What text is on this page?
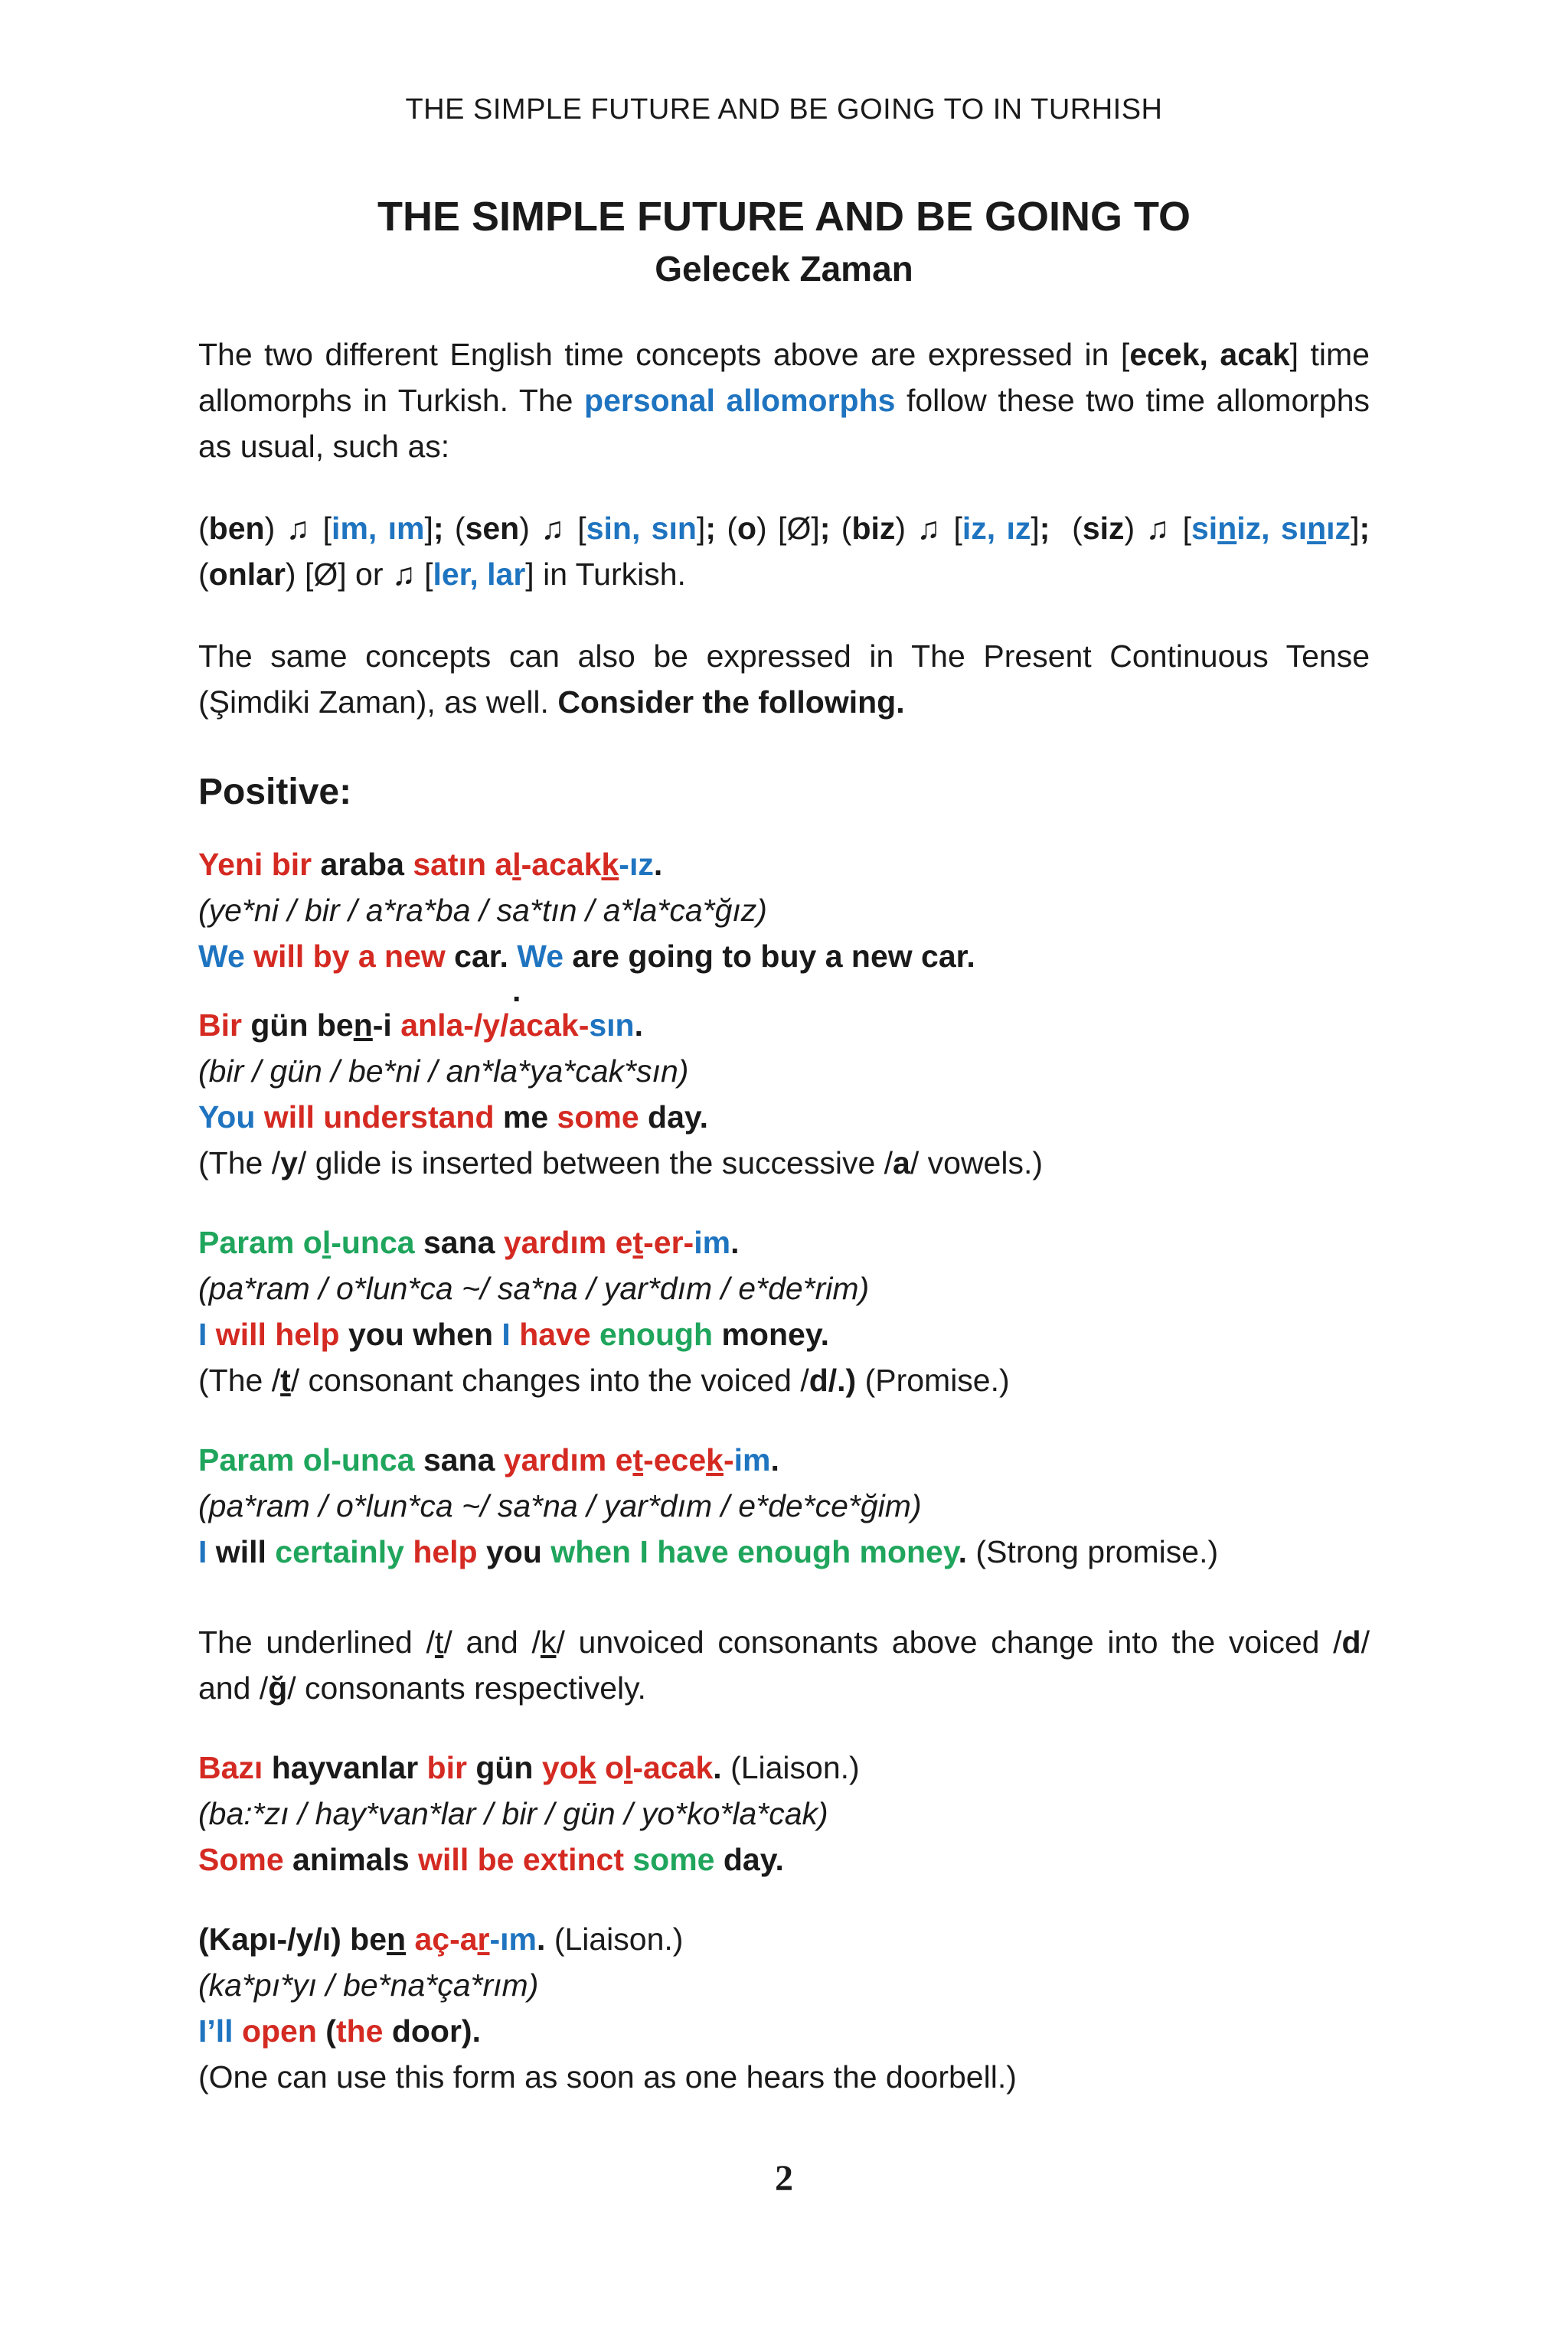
THE SIMPLE FUTURE AND BE GOING TO IN TURHISH
THE SIMPLE FUTURE AND BE GOING TO
Gelecek Zaman

The two different English time concepts above are expressed in [ecek, acak] time allomorphs in Turkish. The personal allomorphs follow these two time allomorphs as usual, such as:

(ben) ♫ [im, ım]; (sen) ♫ [sin, sın]; (o) [Ø]; (biz) ♫ [iz, ız];  (siz) ♫ [siniz, sınız]; (onlar) [Ø] or ♫ [ler, lar] in Turkish.

The same concepts can also be expressed in The Present Continuous Tense (Şimdiki Zaman), as well. Consider the following.

Positive:

Yeni bir araba satın al-acakk-ız.

(ye*ni / bir / a*ra*ba / sa*tın / a*la*ca*ğız)

We will by a new car. We are going to buy a new car.

.

Bir gün ben-i anla-/y/acak-sın.

(bir / gün / be*ni / an*la*ya*cak*sın)

You will understand me some day.

(The /y/ glide is inserted between the successive /a/ vowels.)

Param ol-unca sana yardım et-er-im.

(pa*ram / o*lun*ca ~/ sa*na / yar*dım / e*de*rim)

I will help you when I have enough money.

(The /t/ consonant changes into the voiced /d/.) (Promise.)

Param ol-unca sana yardım et-ecek-im.

(pa*ram / o*lun*ca ~/ sa*na / yar*dım / e*de*ce*ğim)

I will certainly help you when I have enough money. (Strong promise.)

The underlined /t/ and /k/ unvoiced consonants above change into the voiced /d/ and /ğ/ consonants respectively.

Bazı hayvanlar bir gün yok ol-acak. (Liaison.)

(ba:*zı / hay*van*lar / bir / gün / yo*ko*la*cak)

Some animals will be extinct some day.

(Kapı-/y/ı) ben aç-ar-ım. (Liaison.)

(ka*pı*yı / be*na*ça*rım)

I’ll open (the door).

(One can use this form as soon as one hears the doorbell.)

2
